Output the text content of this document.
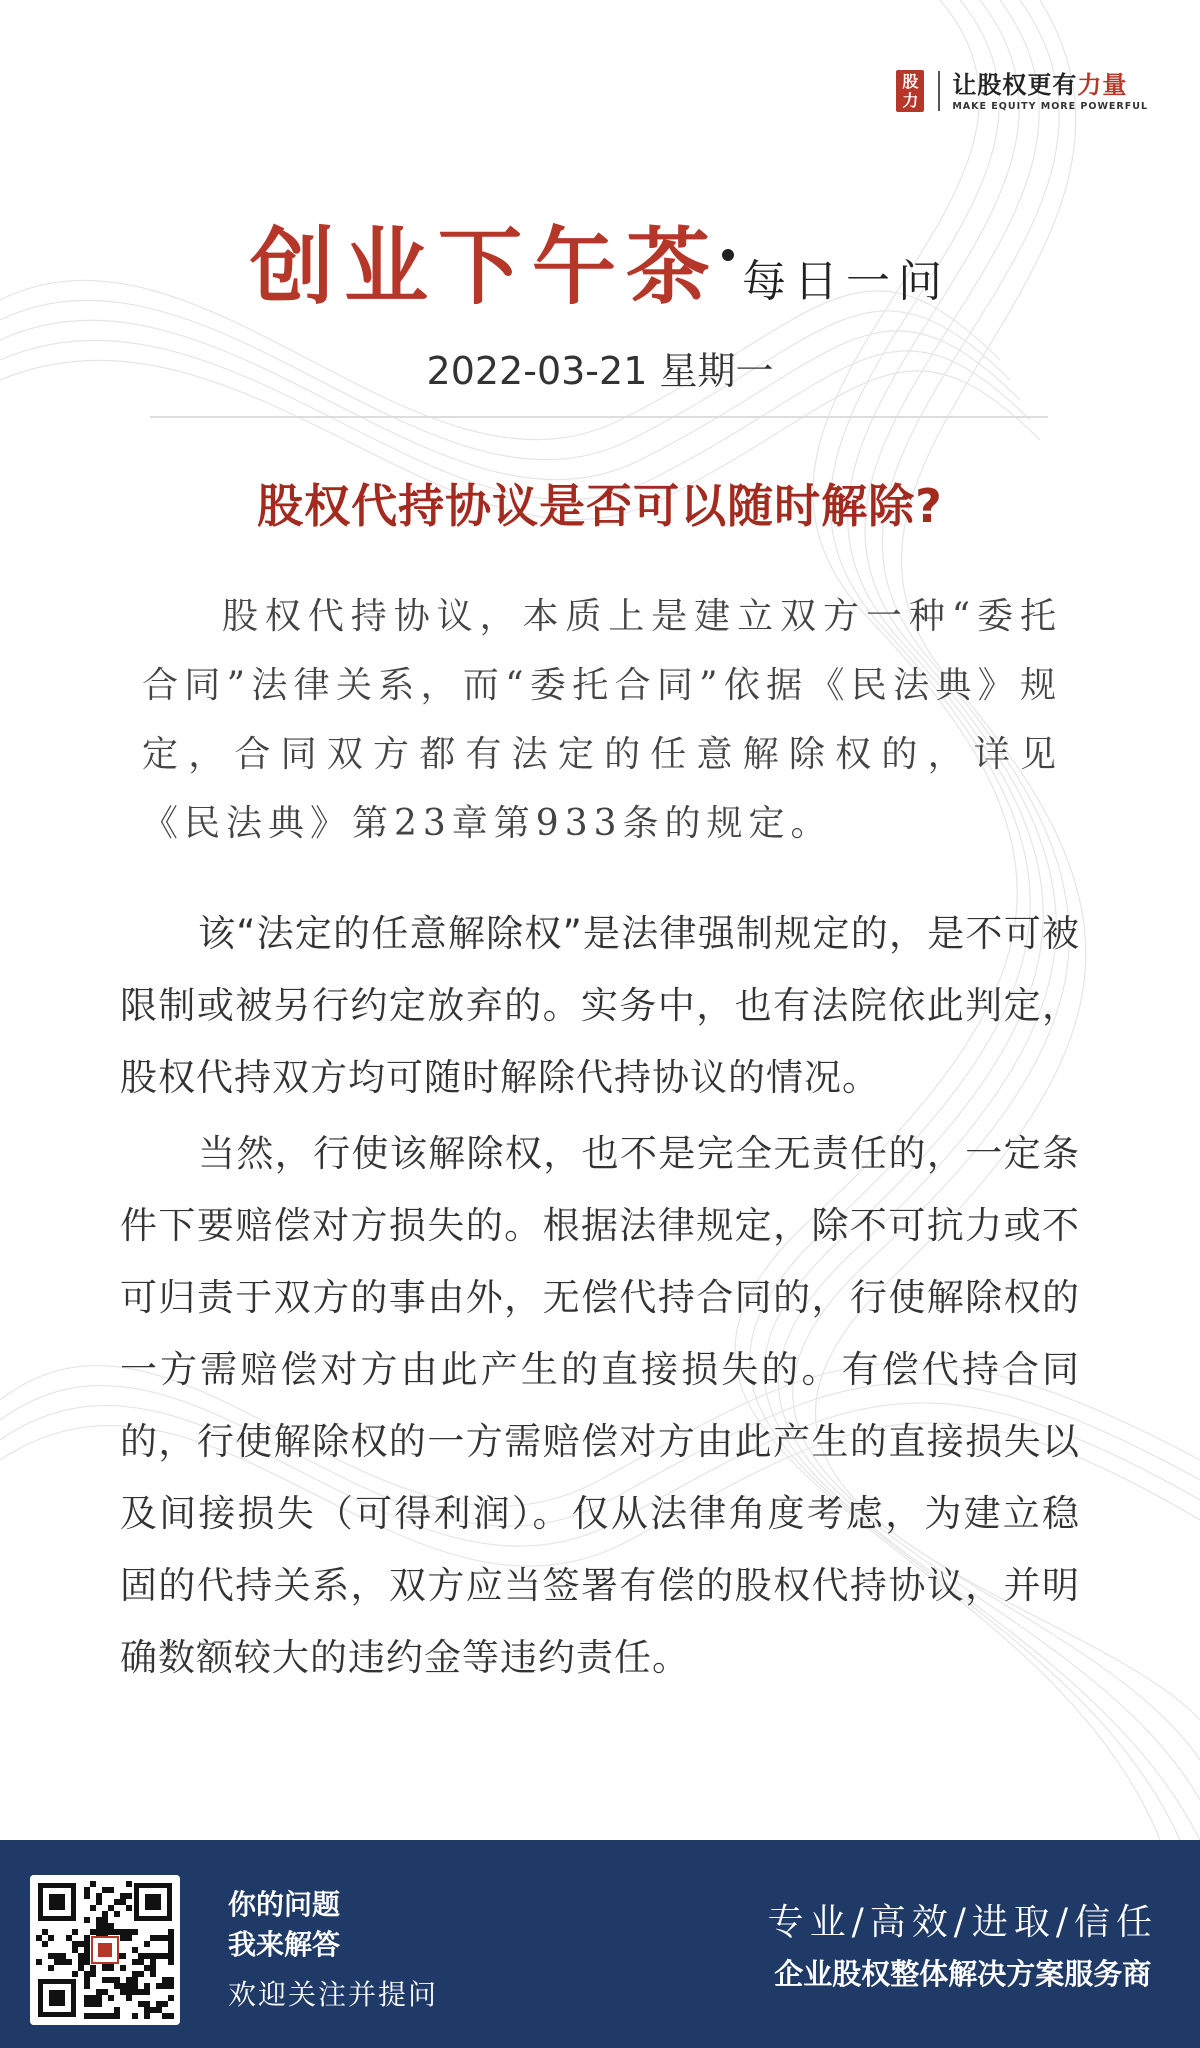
股力
让股权更有力量
MAKE EQUITY MORE POWERFUL
创业下午茶 每日一问
2022-03-21 星期一
股权代持协议是否可以随时解除?

股权代持协议，本质上是建立双方一种“委托合同”法律关系，而“委托合同”依据《民法典》规定，合同双方都有法定的任意解除权的，详见《民法典》第23章第933条的规定。

该“法定的任意解除权”是法律强制规定的，是不可被限制或被另行约定放弃的。实务中，也有法院依此判定，股权代持双方均可随时解除代持协议的情况。

当然，行使该解除权，也不是完全无责任的，一定条件下要赔偿对方损失的。根据法律规定，除不可抗力或不可归责于双方的事由外，无偿代持合同的，行使解除权的一方需赔偿对方由此产生的直接损失的。有偿代持合同的，行使解除权的一方需赔偿对方由此产生的直接损失以及间接损失（可得利润）。仅从法律角度考虑，为建立稳固的代持关系，双方应当签署有偿的股权代持协议，并明确数额较大的违约金等违约责任。

你的问题
我来解答
欢迎关注并提问
专业/高效/进取/信任
企业股权整体解决方案服务商
